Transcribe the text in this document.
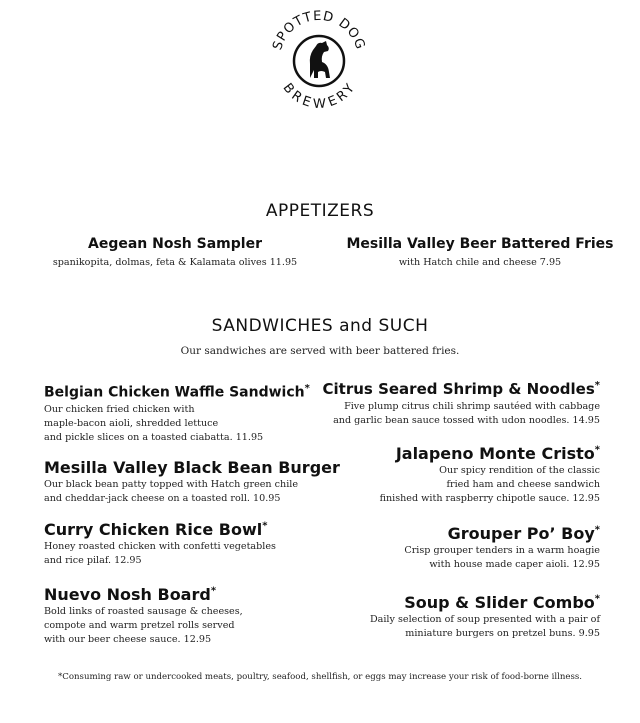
SPOTTED DOG
BREWERY
APPETIZERS
Aegean Nosh Sampler
spanikopita, dolmas, feta & Kalamata olives 11.95
Mesilla Valley Beer Battered Fries
with Hatch chile and cheese 7.95
SANDWICHES and SUCH
Our sandwiches are served with beer battered fries.
Belgian Chicken Waffle Sandwich*
Our chicken fried chicken with
maple-bacon aioli, shredded lettuce
and pickle slices on a toasted ciabatta. 11.95
Mesilla Valley Black Bean Burger
Our black bean patty topped with Hatch green chile
and cheddar-jack cheese on a toasted roll. 10.95
Curry Chicken Rice Bowl*
Honey roasted chicken with confetti vegetables
and rice pilaf. 12.95
Nuevo Nosh Board*
Bold links of roasted sausage & cheeses,
compote and warm pretzel rolls served
with our beer cheese sauce. 12.95
Citrus Seared Shrimp & Noodles*
Five plump citrus chili shrimp sautéed with cabbage
and garlic bean sauce tossed with udon noodles. 14.95
Jalapeno Monte Cristo*
Our spicy rendition of the classic
fried ham and cheese sandwich
finished with raspberry chipotle sauce. 12.95
Grouper Po’ Boy*
Crisp grouper tenders in a warm hoagie
with house made caper aioli. 12.95
Soup & Slider Combo*
Daily selection of soup presented with a pair of
miniature burgers on pretzel buns. 9.95
*Consuming raw or undercooked meats, poultry, seafood, shellfish, or eggs may increase your risk of food-borne illness.
